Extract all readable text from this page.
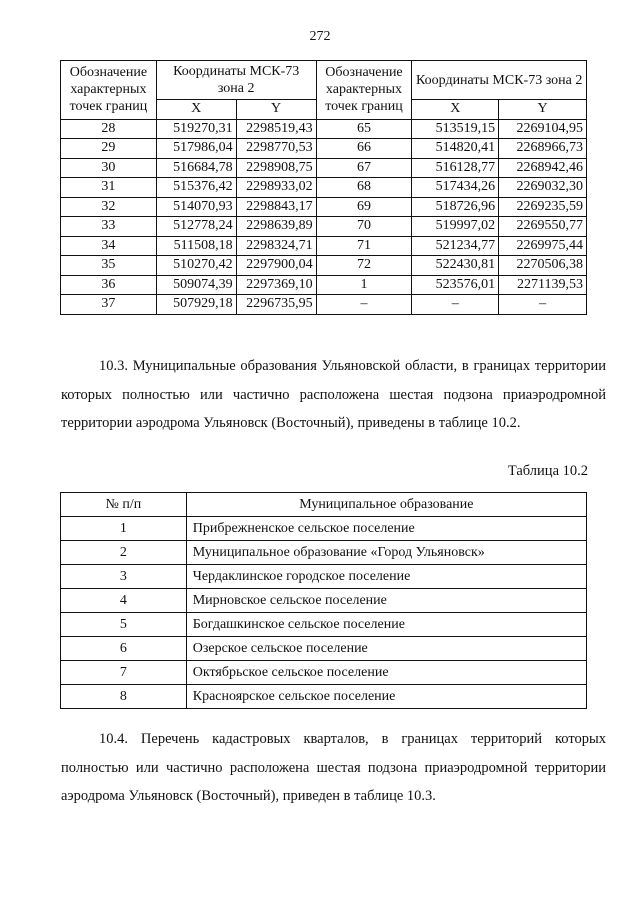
272
Обозначение характерных точек границ	Координаты МСК-73 зона 2		Обозначение характерных точек границ	Координаты МСК-73 зона 2	
	X	Y		X	Y
28	519270,31	2298519,43	65	513519,15	2269104,95
29	517986,04	2298770,53	66	514820,41	2268966,73
30	516684,78	2298908,75	67	516128,77	2268942,46
31	515376,42	2298933,02	68	517434,26	2269032,30
32	514070,93	2298843,17	69	518726,96	2269235,59
33	512778,24	2298639,89	70	519997,02	2269550,77
34	511508,18	2298324,71	71	521234,77	2269975,44
35	510270,42	2297900,04	72	522430,81	2270506,38
36	509074,39	2297369,10	1	523576,01	2271139,53
37	507929,18	2296735,95	–	–	–

10.3. Муниципальные образования Ульяновской области, в границах территории которых полностью или частично расположена шестая подзона приаэродромной территории аэродрома Ульяновск (Восточный), приведены в таблице 10.2.

Таблица 10.2
№ п/п	Муниципальное образование
1	Прибрежненское сельское поселение
2	Муниципальное образование «Город Ульяновск»
3	Чердаклинское городское поселение
4	Мирновское сельское поселение
5	Богдашкинское сельское поселение
6	Озерское сельское поселение
7	Октябрьское сельское поселение
8	Красноярское сельское поселение

10.4. Перечень кадастровых кварталов, в границах территорий которых полностью или частично расположена шестая подзона приаэродромной территории аэродрома Ульяновск (Восточный), приведен в таблице 10.3.
